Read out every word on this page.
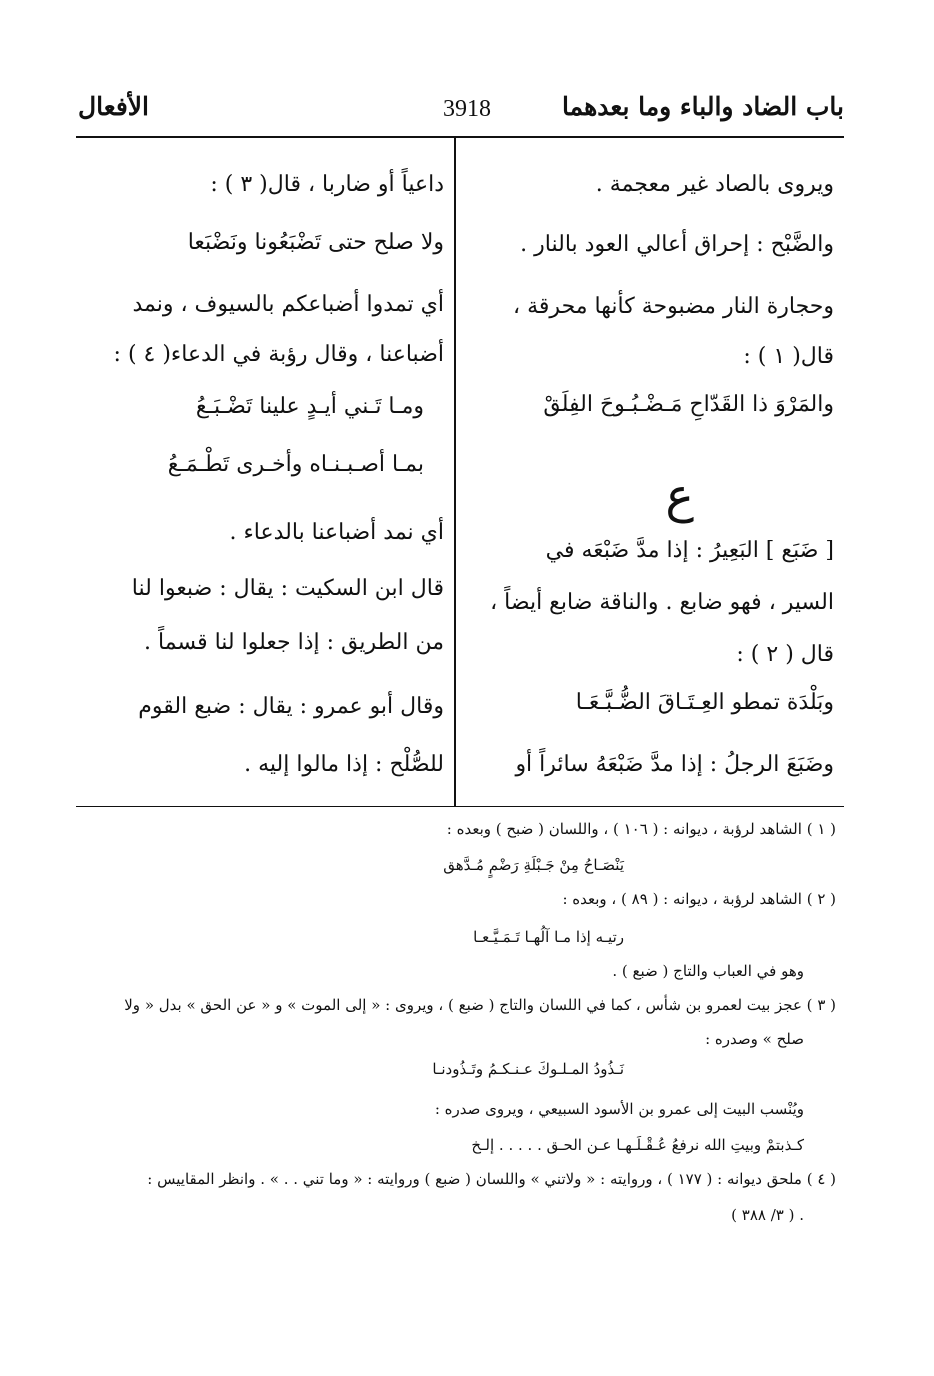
باب الضاد والباء وما بعدهما
3918
الأفعال
ويروى بالصاد غير معجمة .
والضَّبْح : إحراق أعالي العود بالنار .
وحجارة النار مضبوحة كأنها محرقة ،
قال( ١ ) :
والمَرْوَ ذا القَدّاحِ مَـضْـبُـوحَ الفِلَقْ
ع
[ ضَبَع ] البَعِيرُ : إذا مدَّ ضَبْعَه في
السير ، فهو ضابع . والناقة ضابع أيضاً ،
قال ( ٢ ) :
وبَلْدَة تمطو العِـتَـاقَ الضُّـبَّـعَـا
وضَبَعَ الرجلُ : إذا مدَّ ضَبْعَهُ سائراً أو
داعياً أو ضاربا ، قال( ٣ ) :
ولا صلح حتى تَضْبَعُونا ونَضْبَعا
أي تمدوا أضباعكم بالسيوف ، ونمد
أضباعنا ، وقال رؤبة في الدعاء( ٤ ) :
ومـا تَـني أيـدٍ علينا تَضْـبَـعُ
بمـا أصـبـنـاه وأخـرى تَطْـمَـعُ
أي نمد أضباعنا بالدعاء .
قال ابن السكيت : يقال : ضبعوا لنا
من الطريق : إذا جعلوا لنا قسماً .
وقال أبو عمرو : يقال : ضبع القوم
للصُّلْح : إذا مالوا إليه .
( ١ ) الشاهد لرؤبة ، ديوانه : ( ١٠٦ ) ، واللسان ( ضبح ) وبعده :
يَنْصَـاحُ مِنْ جَـبْلَةِ رَضْمٍ مُـدَّهق
( ٢ ) الشاهد لرؤبة ، ديوانه : ( ٨٩ ) ، وبعده :
رتيـه إذا مـا آلُهـا تَـمَـيَّـعـا
وهو في العباب والتاج ( ضبع ) .
( ٣ ) عجز بيت لعمرو بن شأس ، كما في اللسان والتاج ( ضبع ) ، ويروى : « إلى الموت » و « عن الحق » بدل « ولا
صلح » وصدره :
نَـذُودُ المـلـوكَ عـنـكـمُ وتَـذُودنـا
ويُنْسب البيت إلى عمرو بن الأسود السبيعي ، ويروى صدره :
كـذبتمْ وبيتِ الله نرفعُ عُـقْـلَـهـا عـن الحـق . . . . . إلـخ
( ٤ ) ملحق ديوانه : ( ١٧٧ ) ، وروايته : « ولاتني » واللسان ( ضبع ) وروايته : « وما تني . . » . وانظر المقاييس :
( ٣/ ٣٨٨ ) .
